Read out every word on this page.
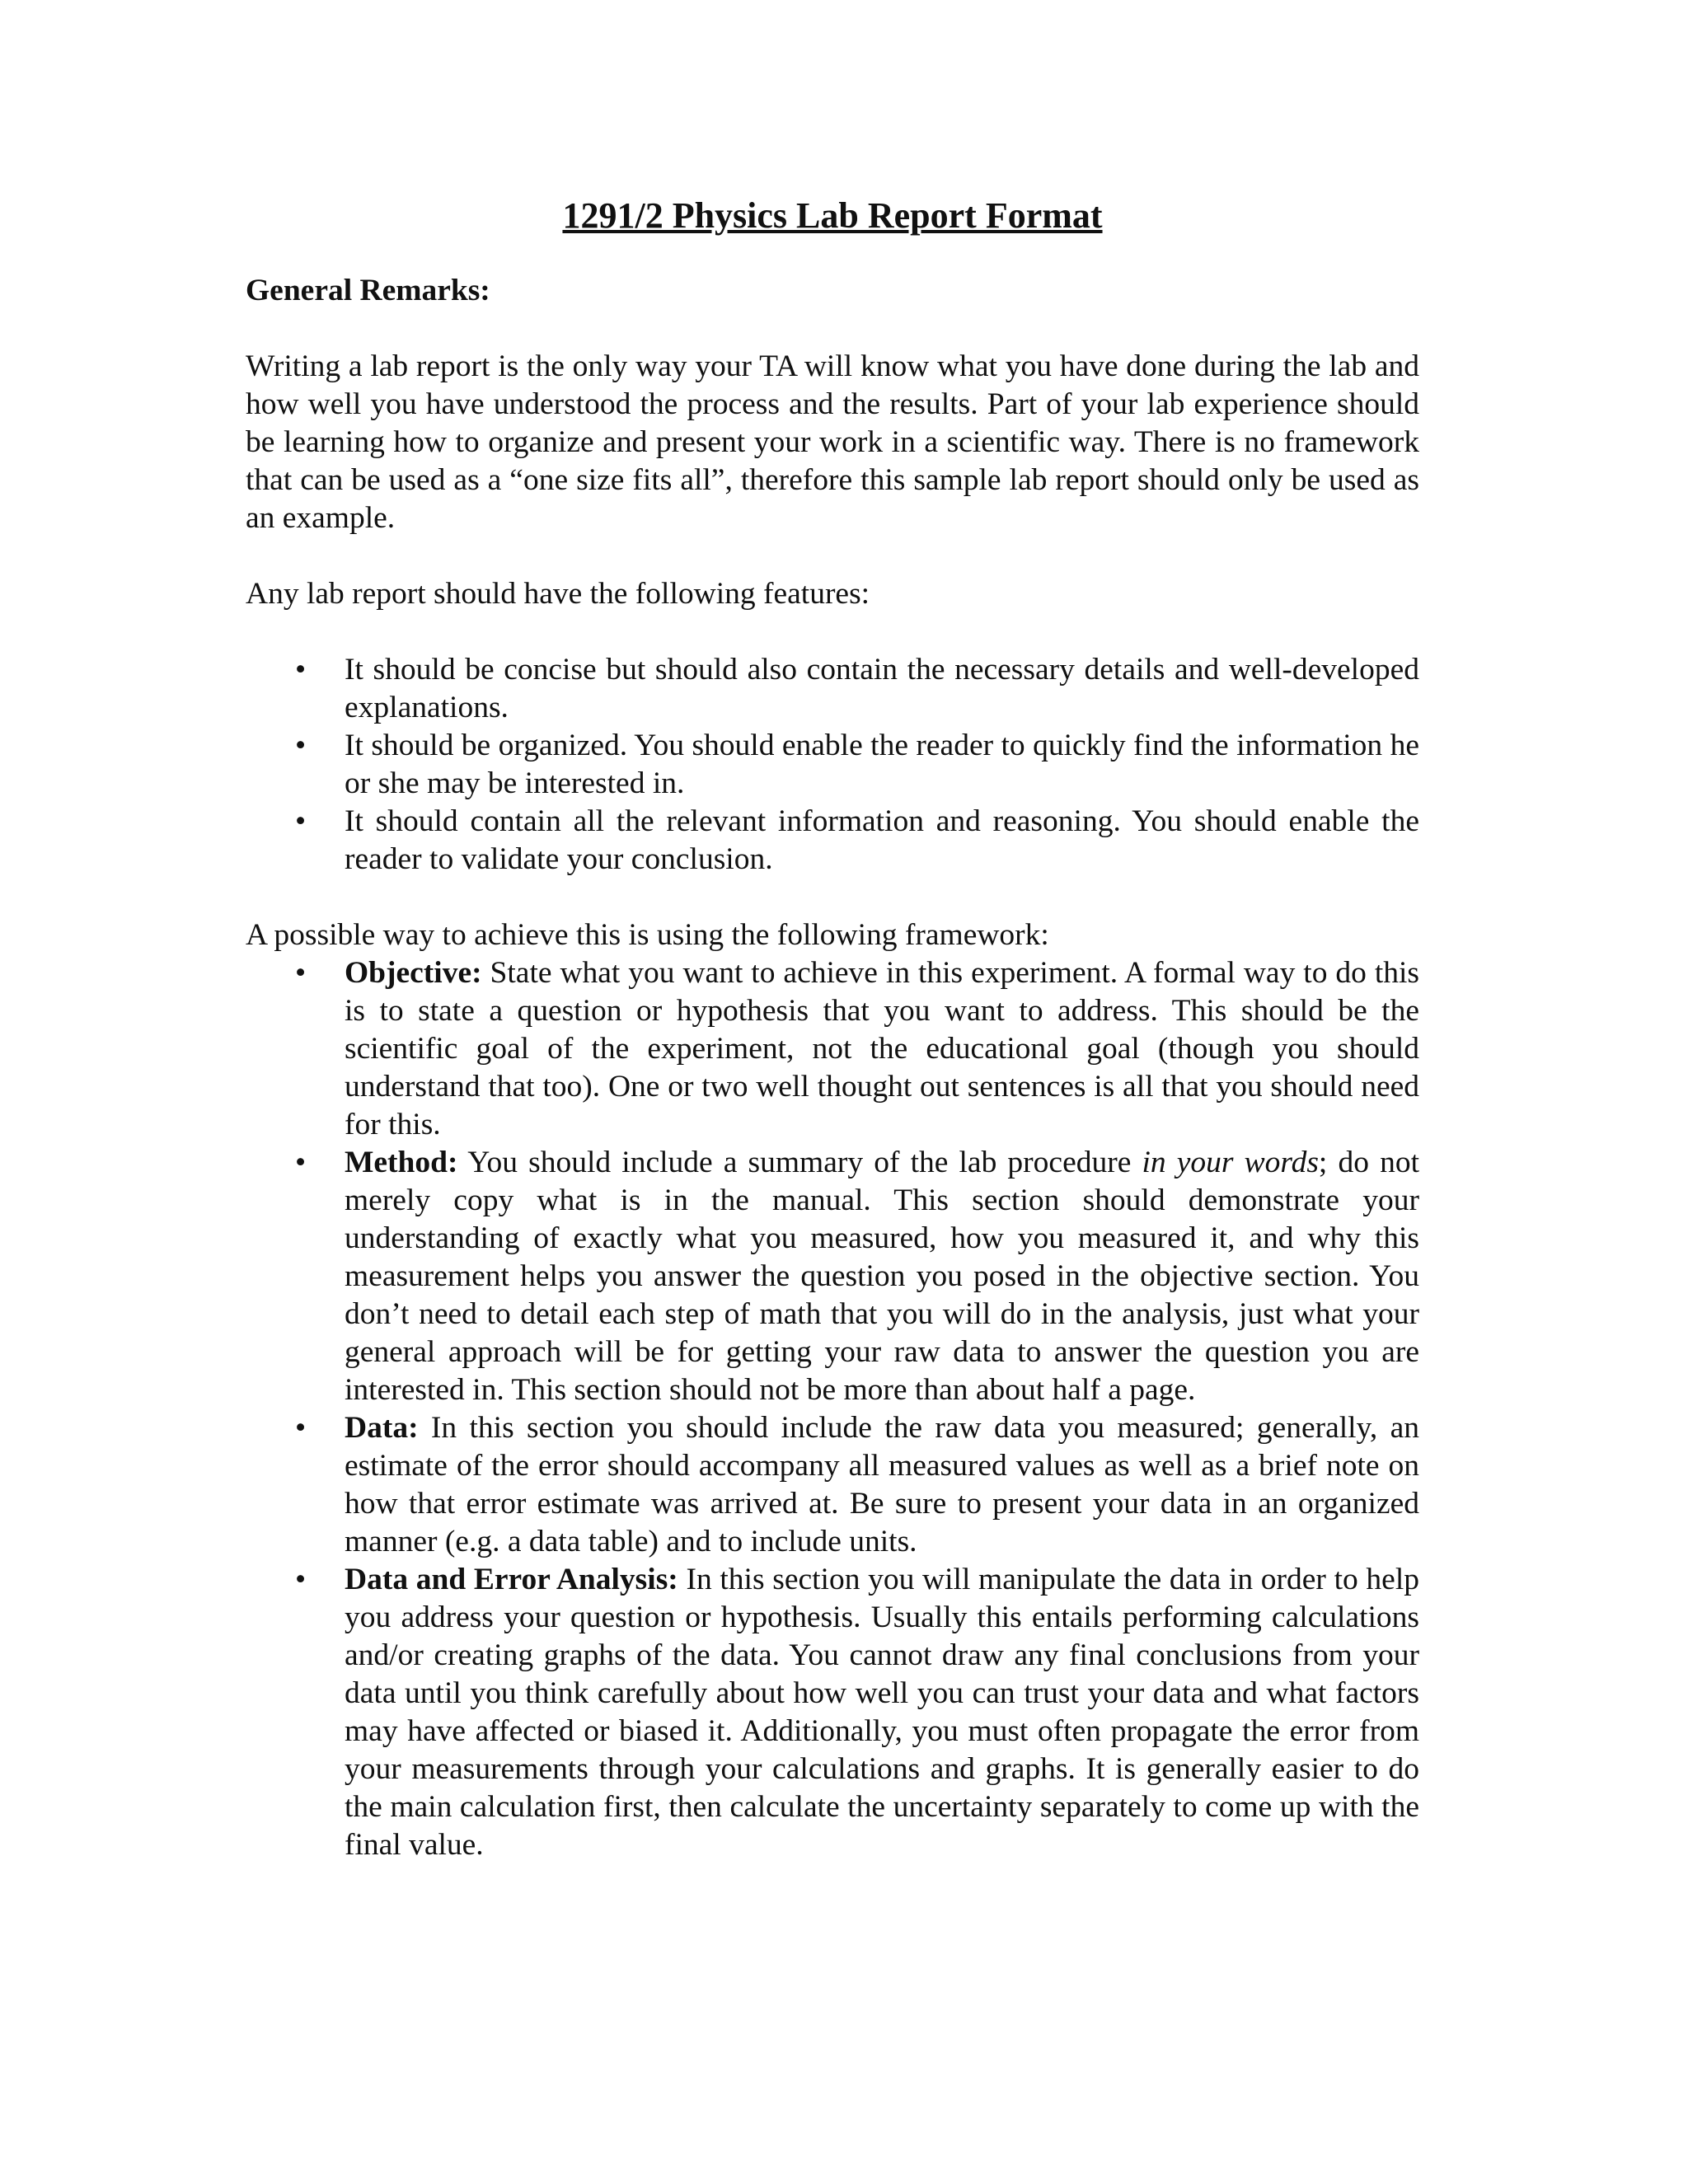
1291/2 Physics Lab Report Format
General Remarks:

Writing a lab report is the only way your TA will know what you have done during the lab and how well you have understood the process and the results. Part of your lab experience should be learning how to organize and present your work in a scientific way. There is no framework that can be used as a “one size fits all”, therefore this sample lab report should only be used as an example.

Any lab report should have the following features:

• It should be concise but should also contain the necessary details and well-developed explanations.
• It should be organized. You should enable the reader to quickly find the information he or she may be interested in.
• It should contain all the relevant information and reasoning. You should enable the reader to validate your conclusion.

A possible way to achieve this is using the following framework:

• Objective: State what you want to achieve in this experiment. A formal way to do this is to state a question or hypothesis that you want to address. This should be the scientific goal of the experiment, not the educational goal (though you should understand that too). One or two well thought out sentences is all that you should need for this.
• Method: You should include a summary of the lab procedure in your words; do not merely copy what is in the manual. This section should demonstrate your understanding of exactly what you measured, how you measured it, and why this measurement helps you answer the question you posed in the objective section. You don’t need to detail each step of math that you will do in the analysis, just what your general approach will be for getting your raw data to answer the question you are interested in. This section should not be more than about half a page.
• Data: In this section you should include the raw data you measured; generally, an estimate of the error should accompany all measured values as well as a brief note on how that error estimate was arrived at. Be sure to present your data in an organized manner (e.g. a data table) and to include units.
• Data and Error Analysis: In this section you will manipulate the data in order to help you address your question or hypothesis. Usually this entails performing calculations and/or creating graphs of the data. You cannot draw any final conclusions from your data until you think carefully about how well you can trust your data and what factors may have affected or biased it. Additionally, you must often propagate the error from your measurements through your calculations and graphs. It is generally easier to do the main calculation first, then calculate the uncertainty separately to come up with the final value.
